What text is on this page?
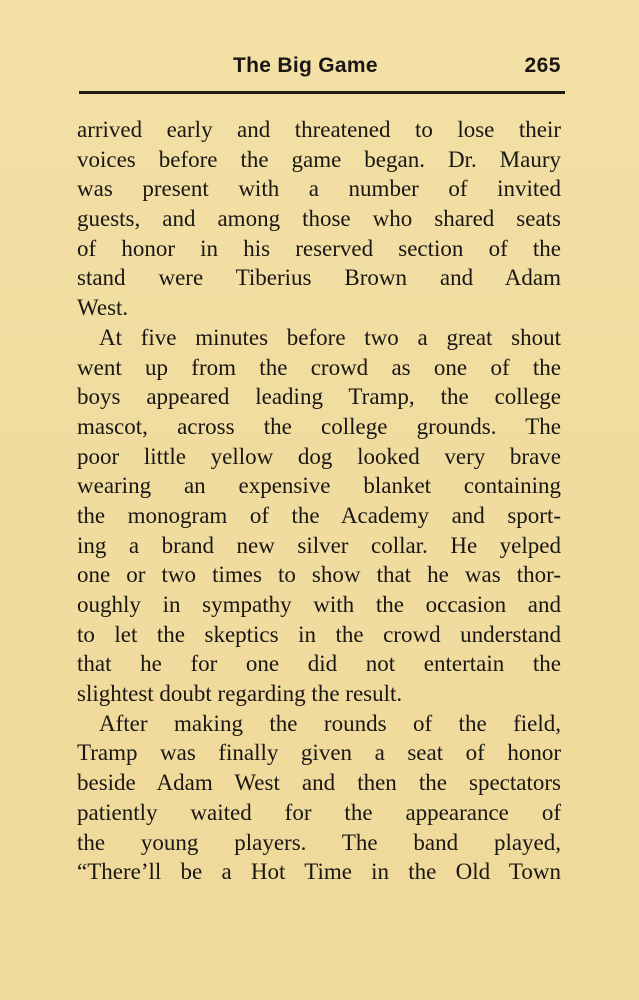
The Big Game	265
arrived early and threatened to lose their
voices before the game began. Dr. Maury
was present with a number of invited
guests, and among those who shared seats
of honor in his reserved section of the
stand were Tiberius Brown and Adam
West.
At five minutes before two a great shout
went up from the crowd as one of the
boys appeared leading Tramp, the college
mascot, across the college grounds. The
poor little yellow dog looked very brave
wearing an expensive blanket containing
the monogram of the Academy and sport-
ing a brand new silver collar. He yelped
one or two times to show that he was thor-
oughly in sympathy with the occasion and
to let the skeptics in the crowd understand
that he for one did not entertain the
slightest doubt regarding the result.
After making the rounds of the field,
Tramp was finally given a seat of honor
beside Adam West and then the spectators
patiently waited for the appearance of
the young players. The band played,
“There’ll be a Hot Time in the Old Town
